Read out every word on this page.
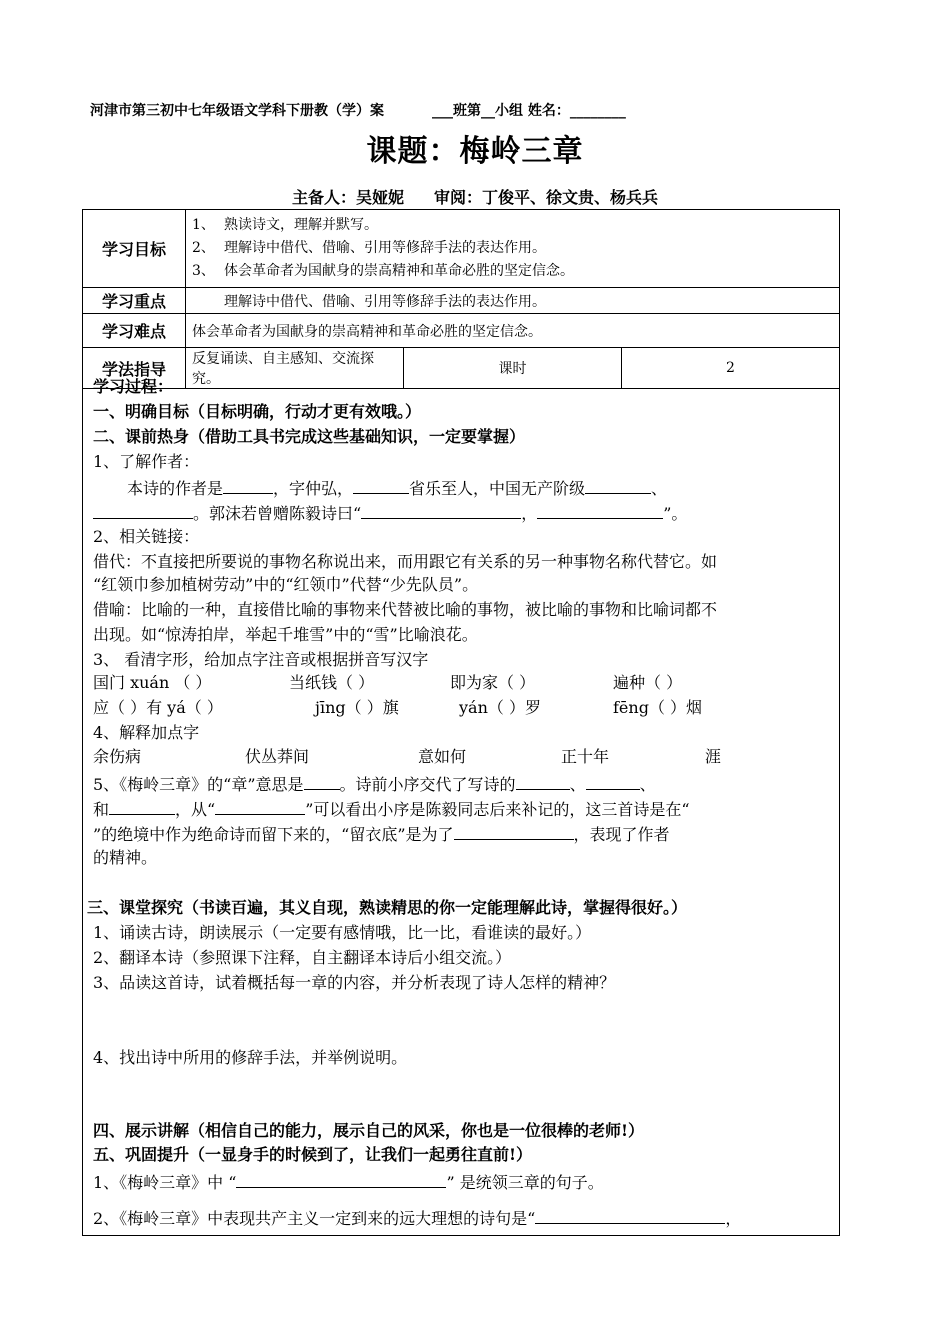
河津市第三初中七年级语文学科下册教（学）案	___班第__小组 姓名：________
课题：梅岭三章
主备人：吴娅妮 审阅：丁俊平、徐文贵、杨兵兵
学习目标	1、 熟读诗文，理解并默写。
2、 理解诗中借代、借喻、引用等修辞手法的表达作用。
3、 体会革命者为国献身的崇高精神和革命必胜的坚定信念。		

学习重点	理解诗中借代、借喻、引用等修辞手法的表达作用。		
学习难点	体会革命者为国献身的崇高精神和革命必胜的坚定信念。		
学法指导	反复诵读、自主感知、交流探究。	课时	2
学习过程：
一、明确目标（目标明确，行动才更有效哦。）
二、课前热身（借助工具书完成这些基础知识，一定要掌握）
1、了解作者：
本诗的作者是	，字仲弘，	省乐至人，中国无产阶级	、
。郭沫若曾赠陈毅诗曰“	，	”。
2、相关链接：
借代：不直接把所要说的事物名称说出来，而用跟它有关系的另一种事物名称代替它。如
“红领巾参加植树劳动”中的“红领巾”代替“少先队员”。
借喻：比喻的一种，直接借比喻的事物来代替被比喻的事物，被比喻的事物和比喻词都不
出现。如“惊涛拍岸，举起千堆雪”中的“雪”比喻浪花。
3、 看清字形，给加点字注音或根据拼音写汉字
国门 xuán （ ）	当纸钱（ ）	即为家（ ）	遍种（ ）
应（ ）有 yá（ ）	jīng（ ）旗	yán（ ）罗	fēng（ ）烟
4、解释加点字
余伤病	伏丛莽间	意如何	正十年	涯
5、《梅岭三章》的“章”意思是 。诗前小序交代了写诗的	、	、
和	，从“	”可以看出小序是陈毅同志后来补记的，这三首诗是在“
”的绝境中作为绝命诗而留下来的，“留衣底”是为了	，表现了作者
的精神。
三、课堂探究（书读百遍，其义自现，熟读精思的你一定能理解此诗，掌握得很好。）
1、诵读古诗，朗读展示（一定要有感情哦，比一比，看谁读的最好。）
2、翻译本诗（参照课下注释，自主翻译本诗后小组交流。）
3、品读这首诗，试着概括每一章的内容，并分析表现了诗人怎样的精神？
4、找出诗中所用的修辞手法，并举例说明。
四、展示讲解（相信自己的能力，展示自己的风采，你也是一位很棒的老师!）
五、巩固提升（一显身手的时候到了，让我们一起勇往直前!）
1、《梅岭三章》中 “	” 是统领三章的句子。
2、《梅岭三章》中表现共产主义一定到来的远大理想的诗句是“	，
